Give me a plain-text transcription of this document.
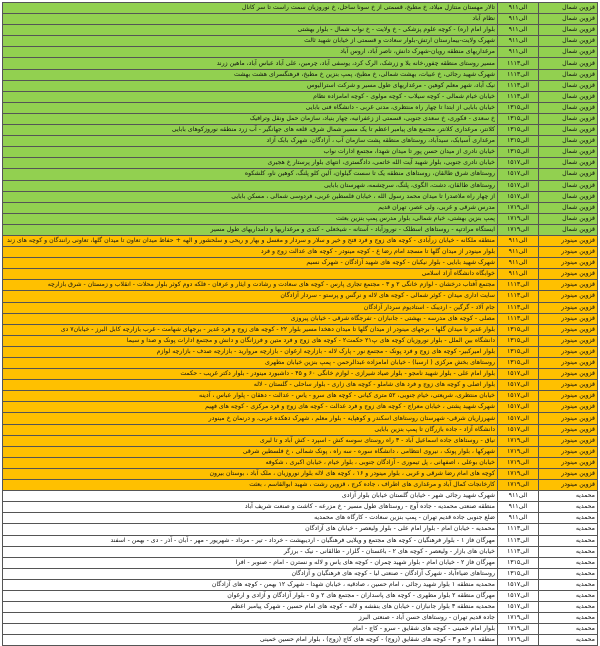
قزوین شمال	۹الی۱۱	تالار مهستان منتازل میلاد، خ مطبخ، قسمتی از خ سونا ساحل، خ نوروزیان سمت راست تا سر کانال
قزوین شمال	۹الی۱۱	نظام آباد
قزوین شمال	۹الی۱۱	بلوار امام (ره) - کوچه علوم پزشکی - خ ولایت - خ نواب شمال - بلوار بهشتی
قزوین شمال	۹الی۱۱	شهرک ولایت-بیمارستان ارتش-بلوار سعادت و قسمتی از خیابان شهید ثالث
قزوین شمال	۹الی۱۱	مرغداریهای منطقه رویان-شهرک دانش، ناصر آباد، اروس آباد
قزوین شمال	۱۱الی۱۳	مسیر روستای منطقه چفور،خانه بلا و زرشک، الرک کرد، یوسفی آباد، چرمین، علی آباد عباس آباد، ماهین زرند
قزوین شمال	۱۱الی۱۳	شهرک شهید رجائی، خ عبیات، بهشت شمالی، خ مطبخ، پمپ بنزین خ مطبخ، فرهنگسرای هشت بهشت
قزوین شمال	۱۱الی۱۳	نیک آباد، شهر معلم کوهین - مرغداریهای طول مسیر و شرکت استرالیوس
قزوین شمال	۱۱الی۱۳	خیابان خیام شمالی - کوچه سیلاب - کوچه مولوی - کوچه امامزاده نظام
قزوین شمال	۱۳الی۱۵	خیابان بابایی از ابتدا تا چهار راه منتظری، مدنی غربی - دانشگاه فنی بابایی
قزوین شمال	۱۳الی۱۵	خ سعدی - فکوری، خ سعدی جنوبی، قسمتی از زعفرانیه، چهار بنیاد، سازمان حمل ونقل وترافیک
قزوین شمال	۱۳الی۱۵	کلانتر، مرغداری کلانتر، مجتمع های پیامبر اعظم تا یک مسیر شمال شرق، قلعه های جهانگیر - آب زرد منطقه نوروزکوهای بابایی
قزوین شمال	۱۳الی۱۵	مرغداری آسیابک، سیدآباد، روستاهای منطقه پشت سازمان آب ، آزادگان، شهرک بابک آزاد
قزوین شمال	۱۳الی۱۵	خیابان نادری از میدان حسن پور تا میدان شهدا، مجتمع ادارات نواب
قزوین شمال	۱۵الی۱۷	خیابان نادری جنوبی، بلوار شهید آیت الله خاتمی، دادگستری، انتهای بلوار پرستار خ هجیری
قزوین شمال	۱۵الی۱۷	روستاهای شرق طالقان، روستاهای منطقه یک تا سست گیلوان، آلین کلو پلنگ، کوهین ناو، کلشکوه
قزوین شمال	۱۵الی۱۷	روستاهای طالقان، دشت، الگوی، پلنگ، سرچشمه، شهرستان بابایی
قزوین شمال	۱۵الی۱۷	از چهار راه ملاصدرا تا میدان محمد رسول الله ، خیابان فلسطین غربی، فردوسی شمالی ، مسکن بابایی
قزوین شمال	۱۷الی۱۹	مدرس شرقی و غربی، ولی عصر، تهران قدیم
قزوین شمال	۱۷الی۱۹	پمپ بنزین بهشتی، خیام شمالی، بلوار مدرس پمپ بنزین بعثت
قزوین شمال	۱۷الی۱۹	ایستگاه مرادتپه - روستاهای اسطلک - نوروزآباد - آستانه - شیخعلی - کندی و مرغداریها و دامداریهای طول مسیر
قزوین مینودر	۹الی۱۱	منطقه ملکانه - خیابان زرآبادی - کوچه های زوج و فرد فتح و خیر و سلار و سردار و مغسل و بهار و ریحی و سلحشور و الهه + حفاظ میدان تعاون تا میدان گلها، تعاونی رانندگان و کوچه های زند
قزوین مینودر	۹الی۱۱	بلوار مینودر از میدان گلها تا مسجد امام رضا ع - کوچه مینودر - کوچه های عدالت زوج و فرد
قزوین مینودر	۹الی۱۱	شهرک شهید بابایی - بلوار نیکبان - کوچه های شهید آزادگان - شهرک نسیم
قزوین مینودر	۹الی۱۱	خوابگاه دانشگاه آزاد اسلامی
قزوین مینودر	۱۱الی۱۳	مجتمع آفتاب درخشان - لوازم خانگی ۲ و ۳ - مجتمع تجاری پارس - کوچه های سعادت و رشادت و ایثار و عرفان - فلکه دوم کوثر بلوار محلات - انقلاب و زمستان - شرق بازارچه
قزوین مینودر	۱۱الی۱۳	سایت اداری میدان - کوثر شمالی - کوچه های لاله و نرگس و پرستو - سردار آزادگان
قزوین مینودر	۱۱الی۱۳	جام آلاد - گرگین - اردیبک - استادیوم سردار آزادگان
قزوین مینودر	۱۱الی۱۳	مصلی - کوچه های مدرسه - بهشتی - جانبازان - تفرجگاه شرقی - خیابان پیروزی
قزوین مینودر	۱۳الی۱۵	بلوار غدیر تا میدان گلها - برجهای مینودر از میدان گلها تا میدان دهخدا مسیر بلوار ۲۲ - کوچه های زوج و فرد غدیر - برجهای شهامت - غرب بازارچه کابل البرز - خیابان۷ دی
قزوین مینودر	۱۳الی۱۵	دانشگاه بین الملل - بلوار نوروزیان کوچه های پ۲۱ حکمت۲ - کوچه های زوج و فرد متین و فرزانگان و دانش و مجتمع ادارات پونک و صدا و سیما
قزوین مینودر	۱۳الی۱۵	بلوار امیرکبیر- کوچه های زوج و فرد پونک - مجتمع نور - پارک لاله - بازارچه ارغوان - بازارچه مروارید - بازارچه صدف - بازارچه لوازم
قزوین مینودر	۱۳الی۱۵	روستاهای بخش مرکزی ( ارسبا) - خیابان امامزاده عبدالرحمن - پمپ بنزین خیابان مطهری
قزوین مینودر	۱۵الی۱۷	بلوار امام علی - بلوار شهید نامجو - بلوار صیاد شیرازی - لوازم خانگی ۶۰ و ۴۵ - داشبورد مینودر - بلوار دکتر غریب - حکمت
قزوین مینودر	۱۵الی۱۷	بلوار اصلی و کوچه های زوج و فرد های شاملو - کوچه های زاری - بلوار ساحلی - گلستان - لاله
قزوین مینودر	۱۵الی۱۷	خیابان منتظری، شریعتی، خیام جنوبی، ۵۲ متری کیانی - کوچه های سرو - یاس - عدالت - دهقان - پلوار عباس ، آدینه
قزوین مینودر	۱۵الی۱۷	شهرک شهید پشتی ، خیابان معراج - کوچه های زوج و فرد عدالت - کوچه های زوج و فرد مرکزی - کوچه های فهیم
قزوین مینودر	۱۵الی۱۷	شهرزاریان شرقی- شهرستان روستاهای اسکندر و کوهپایه - بلوار معلم ، شهرک دهکده غربی، و درنمان خ مینودر
قزوین مینودر	۱۵الی۱۷	دانشگاه آزاد - جاده بازرگان تا پمپ بنزین بابایی
قزوین مینودر	۱۷الی۱۹	نیاق - روستاهای جاده اسماعیل آباد - ۳ راه روستای سوسه کش - اسپرد - کش آباد و تا لیری
قزوین مینودر	۱۷الی۱۹	شهرکها ، بلوار پونک ، نیروی انتظامی ، دانشگاه سوره - سه راه ، پونک شمالی ، خ فلسطین شرقی
قزوین مینودر	۱۷الی۱۹	خیابان بوعلی ، اصفهانی ، پل تیموری - آزادگان جنوبی ، بلوار خیام ، خیابان اکبری ، شکوفه
قزوین مینودر	۱۷الی۱۹	کوچه های امام رضا شرقی و غربی ، بلوار مینودر و ۱۶ ، کوچه های لاله بلوار نوروزیان ، ملک آباد ، بوستان بیرون
قزوین مینودر	۱۷الی۱۹	کارخانجات کمال آباد و مرغداری های اطراف ، جاده کرج ، قزوین رشت ، شهید ابوالقاسم ، بعثت
محمدیه	۹الی۱۱	شهرک شهید رجائی شهر - خیابان گلستان خیابان بلوار آزادی
محمدیه	۹الی۱۱	منطقه صنعتی محمدیه - جاده آوج - روستاهای طول مسیر - خ مزرعه - کاشت و صنعت شریف آباد
محمدیه	۹الی۱۱	ضلع جنوبی جاده قدیم تهران - پمپ بنزین سعادت - کارگاه های محمدیه
محمدیه	۱۱الی۱۳	محمدیه - خیابان امام - بلوار امام علی - بلوار ولیعصر - خیابان های آزادگان
محمدیه	۱۱الی۱۳	مهرگان فاز ۱ - بلوار فرهنگیان - کوچه های مجتمع و ویلایی فرهنگیان - اردیبهشت - خرداد - تیر - مرداد - شهریور - مهر - آبان - آذر - دی - بهمن - اسفند
محمدیه	۱۱الی۱۳	خیابان های بازار - ولیعصر - کوچه های ۲ - باغستان - گلزار - طالقانی - نیک - برزگر
محمدیه	۱۳الی۱۵	مهرگان فاز ۲ - خیابان امام - بلوار شهید چمران - کوچه های یاس و لاله و نسترن - امام - صنوبر - افرا
محمدیه	۱۳الی۱۵	روستاهای ضیاءآباد - شهرک آزادگان - صنعتی لیا - کوچه های فرهنگیان و آزادگان
محمدیه	۱۵الی۱۷	محمدیه منطقه ۱ بلوار شهید رجائی ، امام حسین ، صادقیه ، خیابان شهدا - شهرک ۱۲ بهمن - کوچه های آزادگان
محمدیه	۱۵الی۱۷	مهرگان منطقه ۲ بلوار مطهری - کوچه های پاسداران - مجتمع های ۲ و ۵ - بلوار آزادگان و آزادی و ارغوان
محمدیه	۱۵الی۱۷	محمدیه منطقه ۳ بلوار جانبازان - خیابان های بنفشه و لاله - کوچه های امام حسین - شهرک پیامبر اعظم
محمدیه	۱۷الی۱۹	جاده قدیم تهران - روستاهای حسن آباد - صنعتی البرز
محمدیه	۱۷الی۱۹	بلوار امام خمینی - کوچه های شقایق - سرو - کاج - امام
محمدیه	۱۷الی۱۹	منطقه ۱ و ۲ و ۳ - کوچه های شقایق (زوج) - کوچه های کاج (زوج) ، بلوار امام حسین خمینی
